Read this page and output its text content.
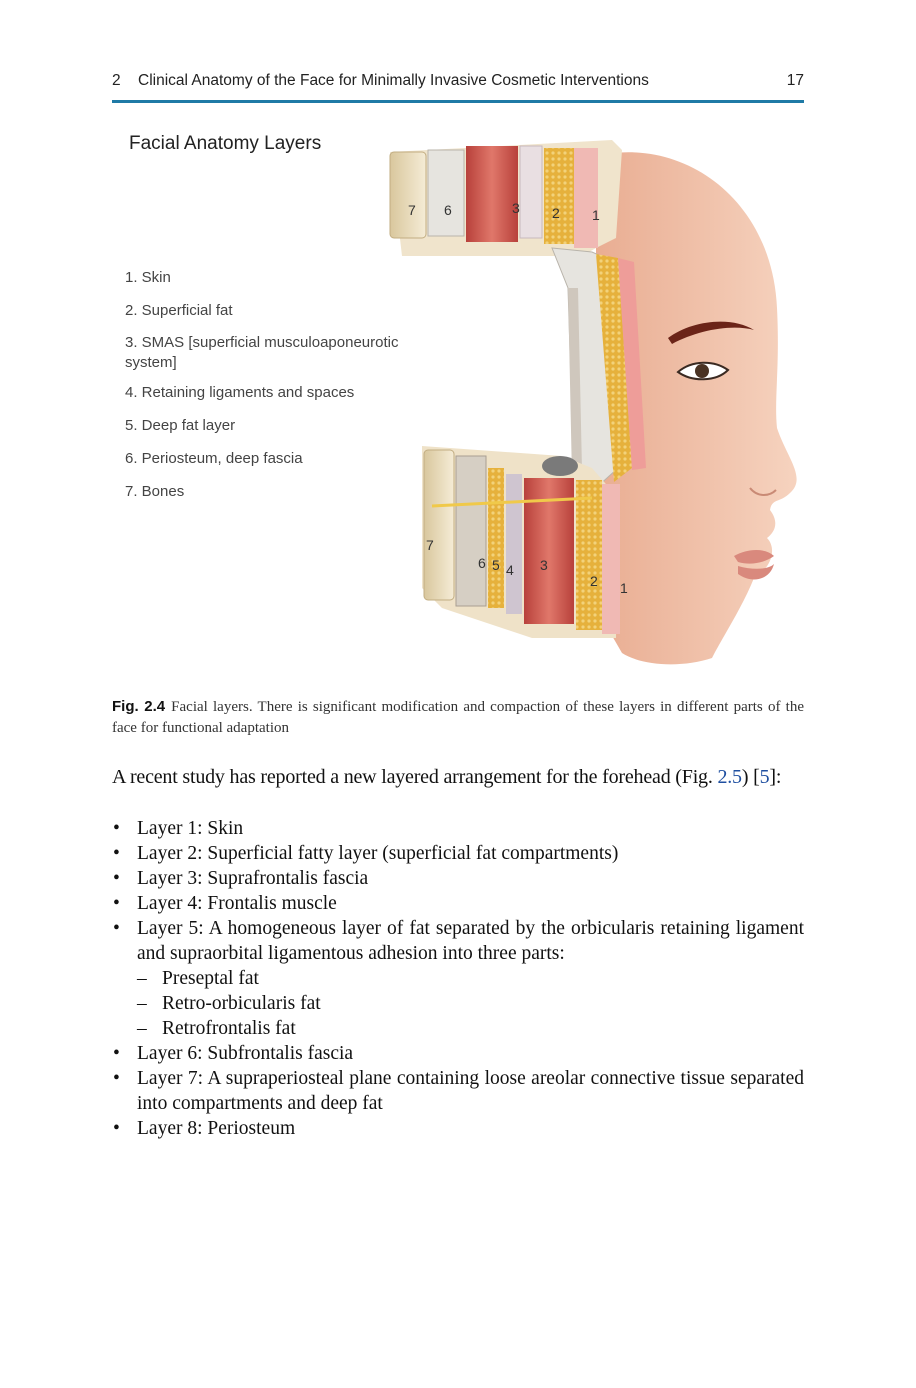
2 Clinical Anatomy of the Face for Minimally Invasive Cosmetic Interventions	17
Facial Anatomy Layers
1. Skin
2. Superficial fat
3. SMAS [superficial musculoaponeurotic system]
4. Retaining ligaments and spaces
5. Deep fat layer
6. Periosteum, deep fascia
7. Bones
7 6	3 2 1
7
6 5 4 3
2 1
Fig. 2.4 Facial layers. There is significant modification and compaction of these layers in different parts of the face for functional adaptation
A recent study has reported a new layered arrangement for the forehead (Fig. 2.5) [5]:
• Layer 1: Skin
• Layer 2: Superficial fatty layer (superficial fat compartments)
• Layer 3: Suprafrontalis fascia
• Layer 4: Frontalis muscle
• Layer 5: A homogeneous layer of fat separated by the orbicularis retaining ligament and supraorbital ligamentous adhesion into three parts:
– Preseptal fat
– Retro-orbicularis fat
– Retrofrontalis fat
• Layer 6: Subfrontalis fascia
• Layer 7: A supraperiosteal plane containing loose areolar connective tissue separated into compartments and deep fat
• Layer 8: Periosteum
